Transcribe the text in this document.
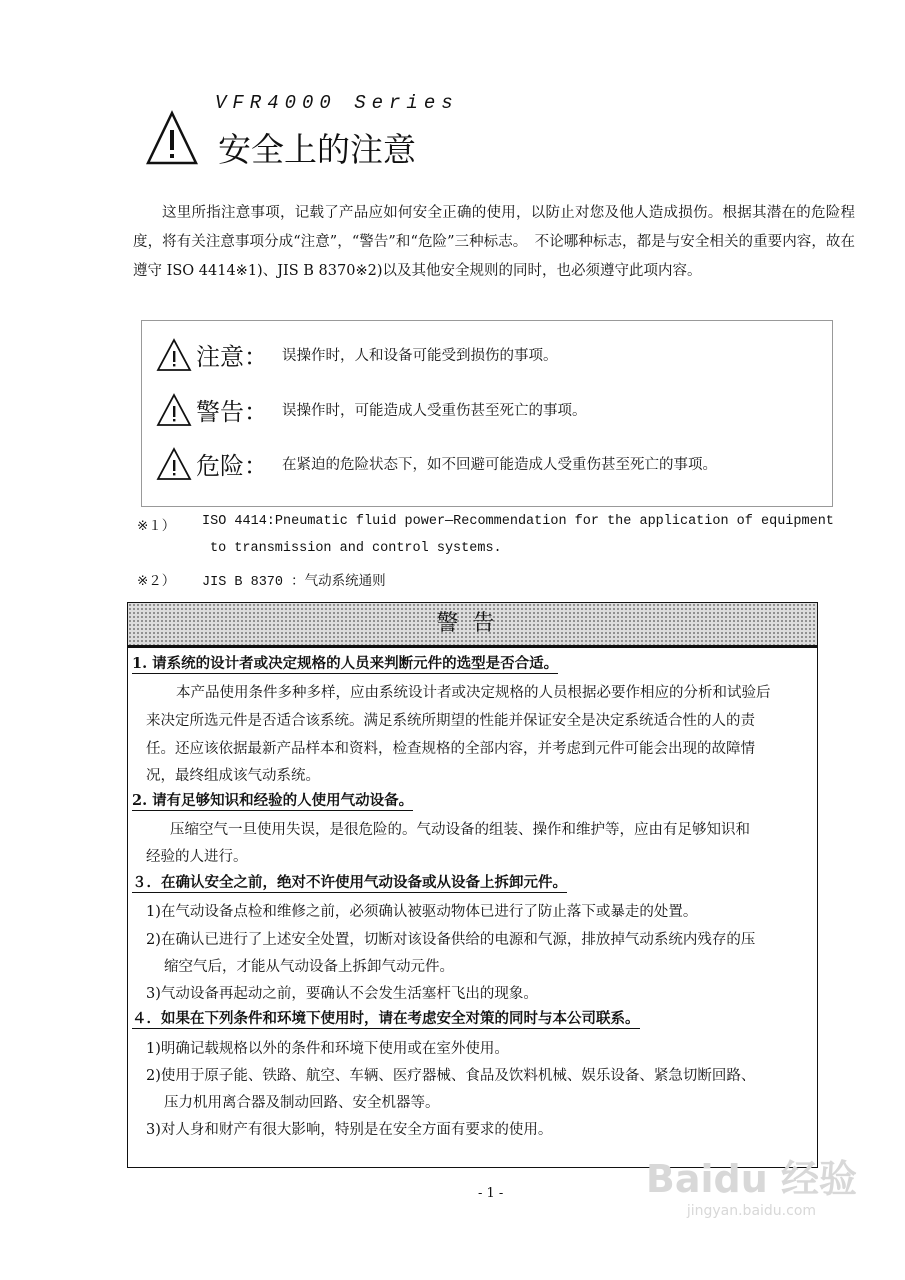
VFR4000 Series
安全上的注意
这里所指注意事项，记载了产品应如何安全正确的使用，以防止对您及他人造成损伤。根据其潜在的危险程度，将有关注意事项分成“注意”，“警告”和“危险”三种标志。　不论哪种标志，都是与安全相关的重要内容，故在遵守 ISO 4414※1)、JIS B 8370※2)以及其他安全规则的同时，也必须遵守此项内容。
注意： 误操作时，人和设备可能受到损伤的事项。
警告： 误操作时，可能造成人受重伤甚至死亡的事项。
危险： 在紧迫的危险状态下，如不回避可能造成人受重伤甚至死亡的事项。
※１） ISO 4414:Pneumatic fluid power—Recommendation for the application of equipment
to transmission and control systems.
※２） JIS B 8370 ：气动系统通则
警告
1. 请系统的设计者或决定规格的人员来判断元件的选型是否合适。
本产品使用条件多种多样，应由系统设计者或决定规格的人员根据必要作相应的分析和试验后
来决定所选元件是否适合该系统。满足系统所期望的性能并保证安全是决定系统适合性的人的责
任。还应该依据最新产品样本和资料，检查规格的全部内容，并考虑到元件可能会出现的故障情
况，最终组成该气动系统。
2. 请有足够知识和经验的人使用气动设备。
压缩空气一旦使用失误，是很危险的。气动设备的组装、操作和维护等，应由有足够知识和
经验的人进行。
３．在确认安全之前，绝对不许使用气动设备或从设备上拆卸元件。
1)在气动设备点检和维修之前，必须确认被驱动物体已进行了防止落下或暴走的处置。
2)在确认已进行了上述安全处置，切断对该设备供给的电源和气源，排放掉气动系统内残存的压
缩空气后，才能从气动设备上拆卸气动元件。
3)气动设备再起动之前，要确认不会发生活塞杆飞出的现象。
４．如果在下列条件和环境下使用时，请在考虑安全对策的同时与本公司联系。
1)明确记载规格以外的条件和环境下使用或在室外使用。
2)使用于原子能、铁路、航空、车辆、医疗器械、食品及饮料机械、娱乐设备、紧急切断回路、
压力机用离合器及制动回路、安全机器等。
3)对人身和财产有很大影响，特别是在安全方面有要求的使用。
- 1 -	Baidu 经验
jingyan.baidu.com
